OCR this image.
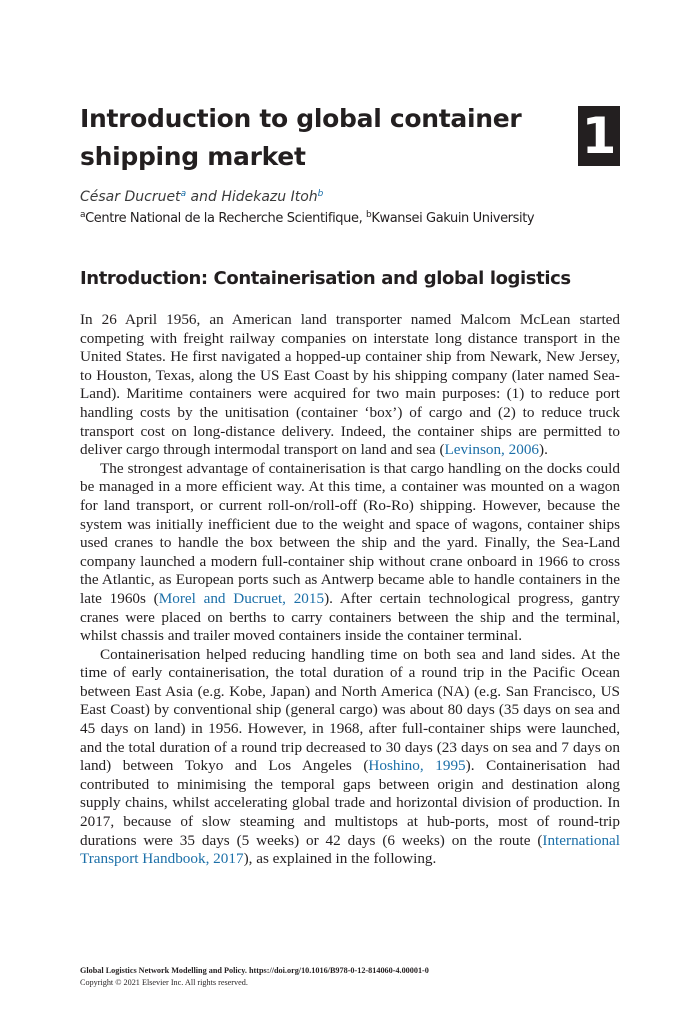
Introduction to global container shipping market	1
César Ducruet$^a$ and Hidekazu Itoh$^b$
$^a$Centre National de la Recherche Scientifique, $^b$Kwansei Gakuin University
Introduction: Containerisation and global logistics

In 26 April 1956, an American land transporter named Malcom McLean started competing with freight railway companies on interstate long distance transport in the United States. He first navigated a hopped-up container ship from Newark, New Jersey, to Houston, Texas, along the US East Coast by his shipping company (later named Sea-Land). Maritime containers were acquired for two main purposes: (1) to reduce port handling costs by the unitisation (container ‘box’) of cargo and (2) to reduce truck transport cost on long-distance delivery. Indeed, the container ships are permitted to deliver cargo through intermodal transport on land and sea (Levinson, 2006).

The strongest advantage of containerisation is that cargo handling on the docks could be managed in a more efficient way. At this time, a container was mounted on a wagon for land transport, or current roll-on/roll-off (Ro-Ro) shipping. However, because the system was initially inefficient due to the weight and space of wagons, container ships used cranes to handle the box between the ship and the yard. Finally, the Sea-Land company launched a modern full-container ship without crane onboard in 1966 to cross the Atlantic, as European ports such as Antwerp became able to handle containers in the late 1960s (Morel and Ducruet, 2015). After certain technological progress, gantry cranes were placed on berths to carry containers between the ship and the terminal, whilst chassis and trailer moved containers inside the container terminal.

Containerisation helped reducing handling time on both sea and land sides. At the time of early containerisation, the total duration of a round trip in the Pacific Ocean between East Asia (e.g. Kobe, Japan) and North America (NA) (e.g. San Francisco, US East Coast) by conventional ship (general cargo) was about 80 days (35 days on sea and 45 days on land) in 1956. However, in 1968, after full-container ships were launched, and the total duration of a round trip decreased to 30 days (23 days on sea and 7 days on land) between Tokyo and Los Angeles (Hoshino, 1995). Containerisation had contributed to minimising the temporal gaps between origin and destination along supply chains, whilst accelerating global trade and horizontal division of production. In 2017, because of slow steaming and multistops at hub-ports, most of round-trip durations were 35 days (5 weeks) or 42 days (6 weeks) on the route (International Transport Handbook, 2017), as explained in the following.

Global Logistics Network Modelling and Policy. https://doi.org/10.1016/B978-0-12-814060-4.00001-0
Copyright © 2021 Elsevier Inc. All rights reserved.
